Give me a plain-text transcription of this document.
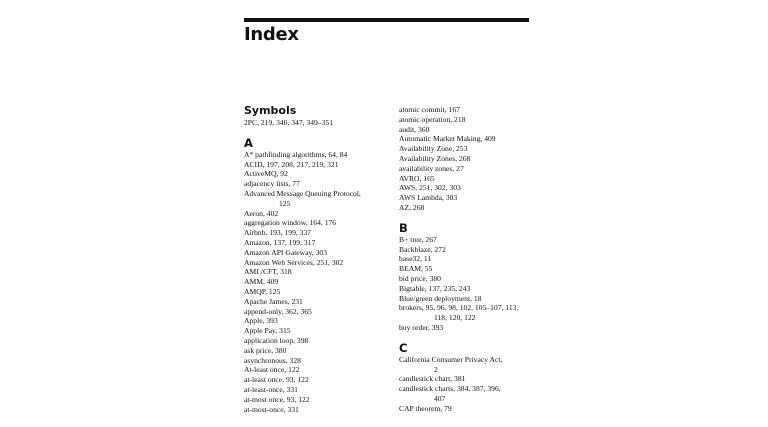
Index
Symbols
2PC, 219, 346, 347, 349–351
A
A* pathfinding algorithms, 64, 84
ACID, 197, 208, 217, 219, 321
ActiveMQ, 92
adjacency lists, 77
Advanced Message Queuing Protocol,
125
Aeron, 402
aggregation window, 164, 176
Airbnb, 193, 199, 337
Amazon, 137, 199, 317
Amazon API Gateway, 303
Amazon Web Services, 251, 302
AML/CFT, 318
AMM, 409
AMQP, 125
Apache James, 231
append-only, 362, 365
Apple, 393
Apple Pay, 315
application loop, 398
ask price, 380
asynchronous, 328
At-least once, 122
at-least once, 93, 122
at-least-once, 331
at-most once, 93, 122
at-most-once, 331
atomic commit, 167
atomic operation, 218
audit, 360
Automatic Market Making, 409
Availability Zone, 253
Availability Zones, 268
availability zones, 27
AVRO, 165
AWS, 251, 302, 303
AWS Lambda, 303
AZ, 268
B
B+ tree, 267
Backblaze, 272
base32, 11
BEAM, 55
bid price, 380
Bigtable, 137, 235, 243
Blue/green deployment, 18
brokers, 95, 96, 98, 102, 105–107, 113,
118, 120, 122
buy order, 393
C
California Consumer Privacy Act,
2
candlestick chart, 381
candlestick charts, 384, 387, 396,
407
CAP theorem, 79
